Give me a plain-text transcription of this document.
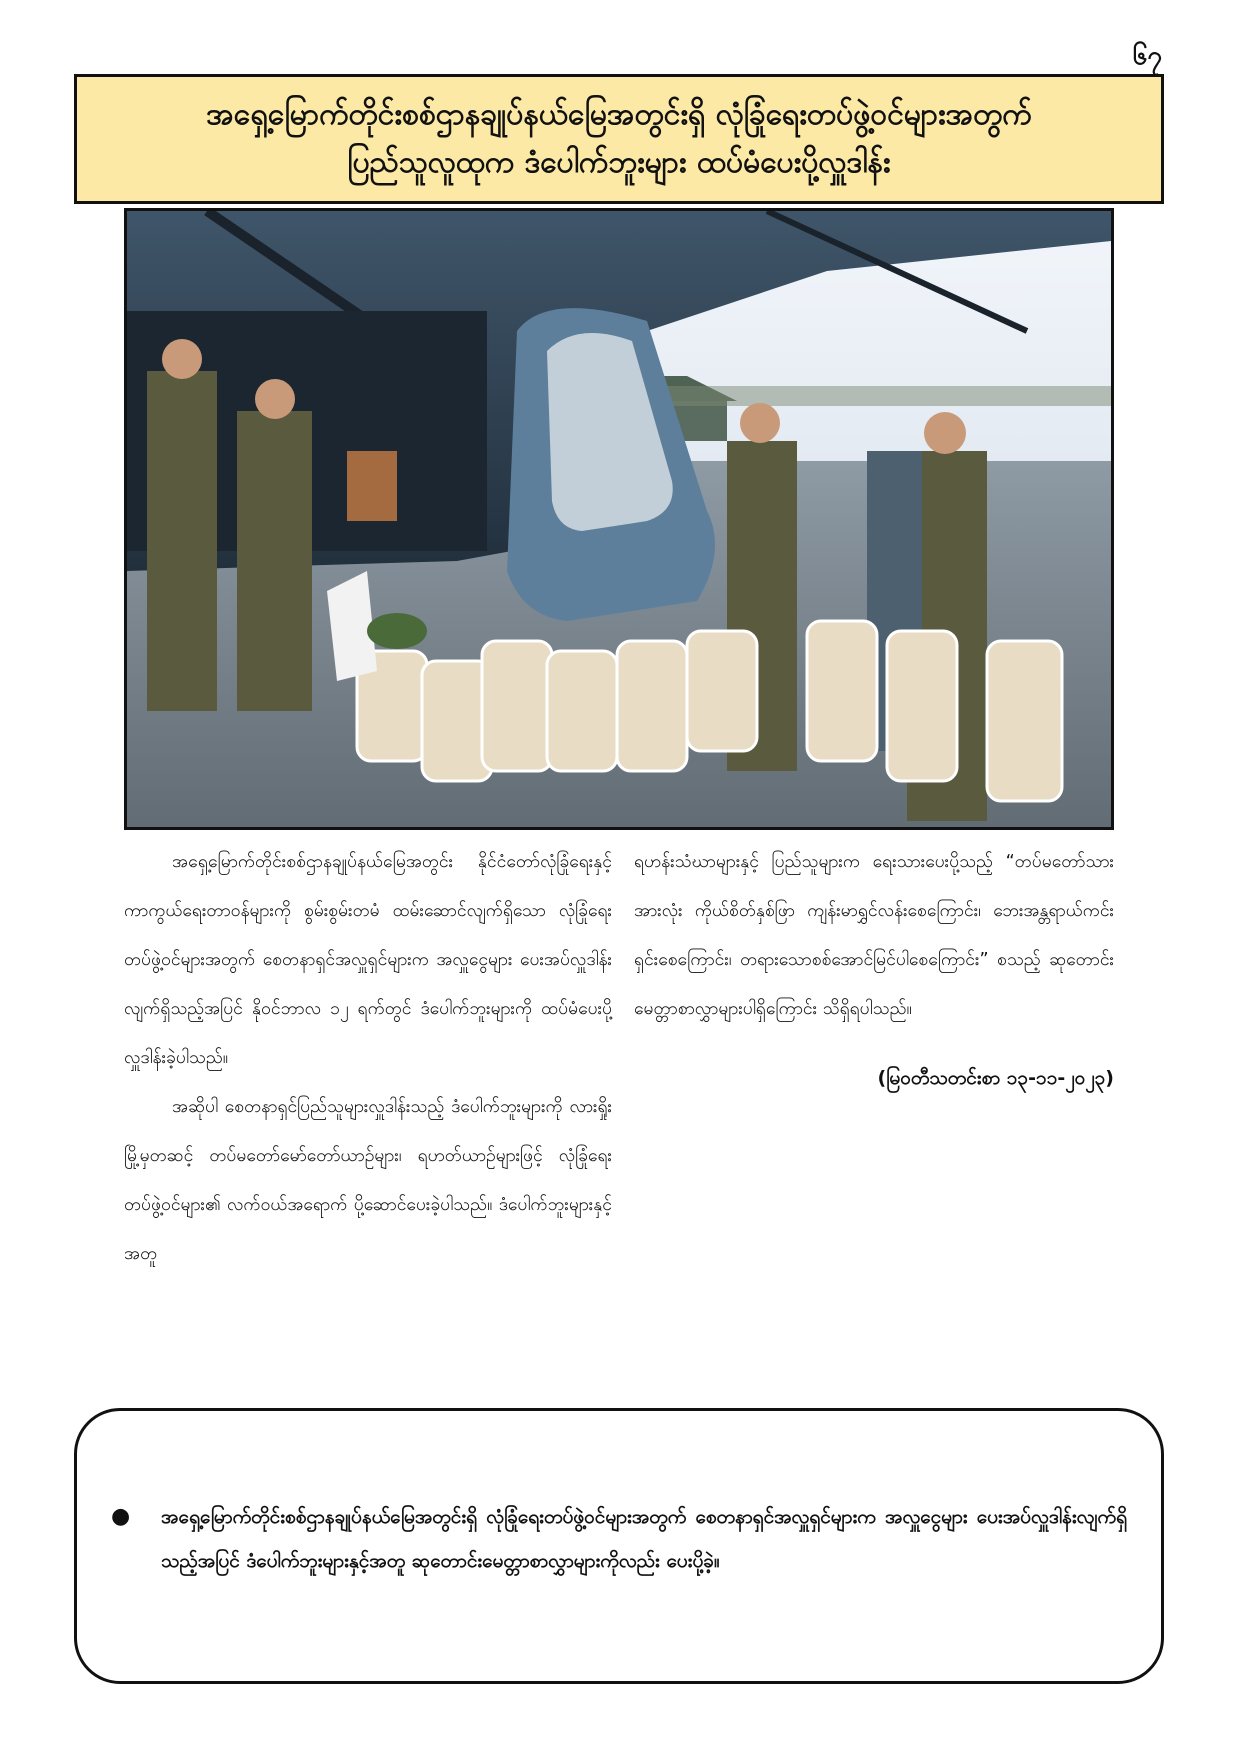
၆၇
အရှေ့မြောက်တိုင်းစစ်ဌာနချုပ်နယ်မြေအတွင်းရှိ လုံခြုံရေးတပ်ဖွဲ့ဝင်များအတွက်
ပြည်သူလူထုက ဒံပေါက်ဘူးများ ထပ်မံပေးပို့လှူဒါန်း

အရှေ့မြောက်တိုင်းစစ်ဌာနချုပ်နယ်မြေအတွင်း နိုင်ငံတော်လုံခြုံရေးနှင့် ကာကွယ်ရေးတာဝန်များကို စွမ်းစွမ်းတမံ ထမ်းဆောင်လျက်ရှိသော လုံခြုံရေးတပ်ဖွဲ့ဝင်များအတွက် စေတနာရှင်အလှူရှင်များက အလှူငွေများ ပေးအပ်လှူဒါန်းလျက်ရှိသည့်အပြင် နိုဝင်ဘာလ ၁၂ ရက်တွင် ဒံပေါက်ဘူးများကို ထပ်မံပေးပို့လှူဒါန်းခဲ့ပါသည်။

အဆိုပါ စေတနာရှင်ပြည်သူများလှူဒါန်းသည့် ဒံပေါက်ဘူးများကို လားရှိုးမြို့မှတဆင့် တပ်မတော်မော်တော်ယာဉ်များ၊ ရဟတ်ယာဉ်များဖြင့် လုံခြုံရေးတပ်ဖွဲ့ဝင်များ၏ လက်ဝယ်အရောက် ပို့ဆောင်ပေးခဲ့ပါသည်။ ဒံပေါက်ဘူးများနှင့်အတူ

ရဟန်းသံဃာများနှင့် ပြည်သူများက ရေးသားပေးပို့သည့် “တပ်မတော်သားအားလုံး ကိုယ်စိတ်နှစ်ဖြာ ကျန်းမာရွှင်လန်းစေကြောင်း၊ ဘေးအန္တရာယ်ကင်းရှင်းစေကြောင်း၊ တရားသောစစ်အောင်မြင်ပါစေကြောင်း” စသည့် ဆုတောင်းမေတ္တာစာလွှာများပါရှိကြောင်း သိရှိရပါသည်။

(မြဝတီသတင်းစာ ၁၃-၁၁-၂၀၂၃)
●	အရှေ့မြောက်တိုင်းစစ်ဌာနချုပ်နယ်မြေအတွင်းရှိ လုံခြုံရေးတပ်ဖွဲ့ဝင်များအတွက် စေတနာရှင်အလှူရှင်များက အလှူငွေများ ပေးအပ်လှူဒါန်းလျက်ရှိသည့်အပြင် ဒံပေါက်ဘူးများနှင့်အတူ ဆုတောင်းမေတ္တာစာလွှာများကိုလည်း ပေးပို့ခဲ့။
